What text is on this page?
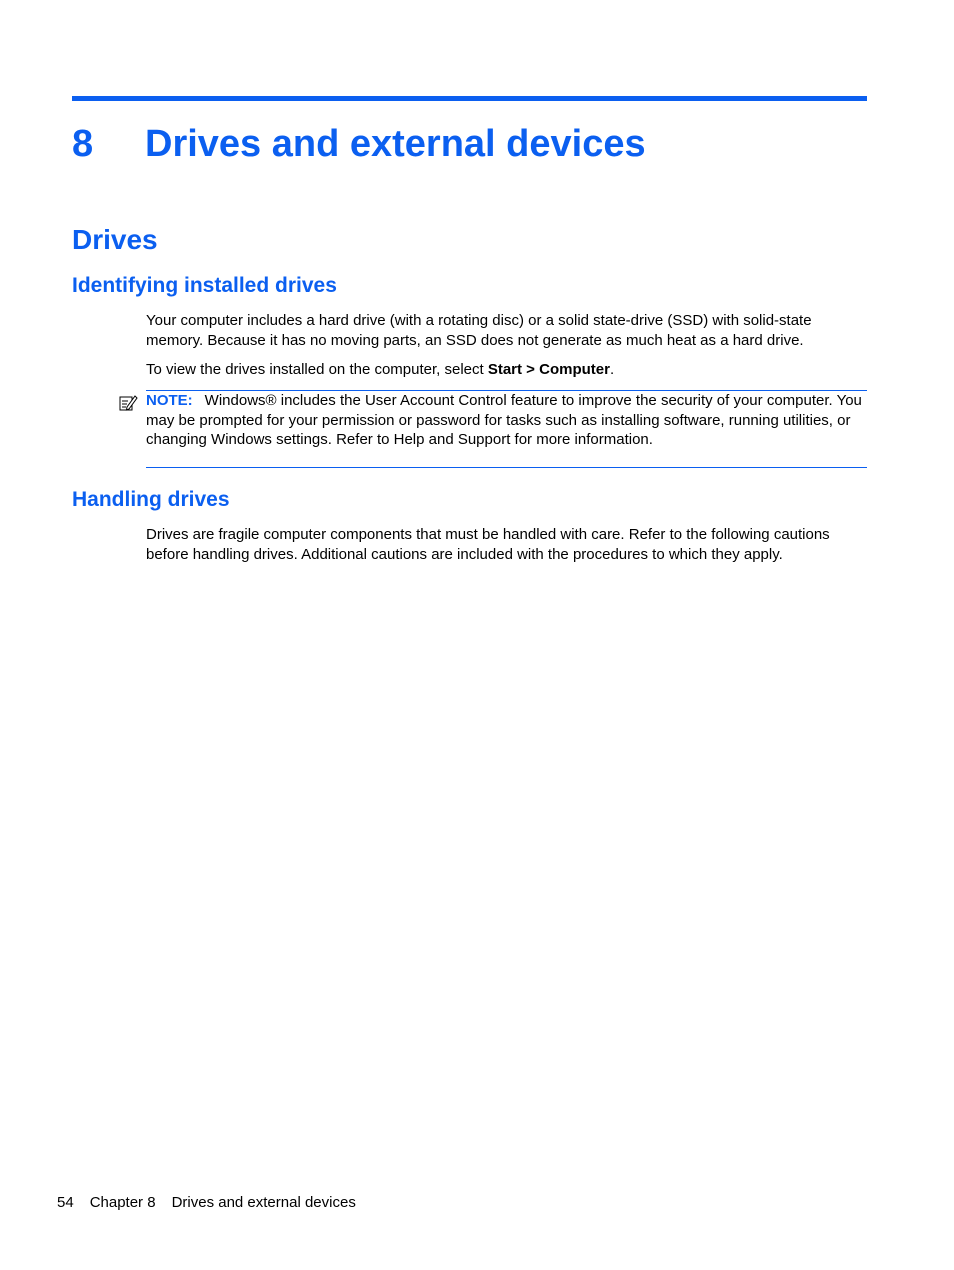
8 Drives and external devices
Drives
Identifying installed drives

Your computer includes a hard drive (with a rotating disc) or a solid state-drive (SSD) with solid-state memory. Because it has no moving parts, an SSD does not generate as much heat as a hard drive.

To view the drives installed on the computer, select Start > Computer.

NOTE: Windows® includes the User Account Control feature to improve the security of your computer. You may be prompted for your permission or password for tasks such as installing software, running utilities, or changing Windows settings. Refer to Help and Support for more information.

Handling drives

Drives are fragile computer components that must be handled with care. Refer to the following cautions before handling drives. Additional cautions are included with the procedures to which they apply.

54 Chapter 8 Drives and external devices
